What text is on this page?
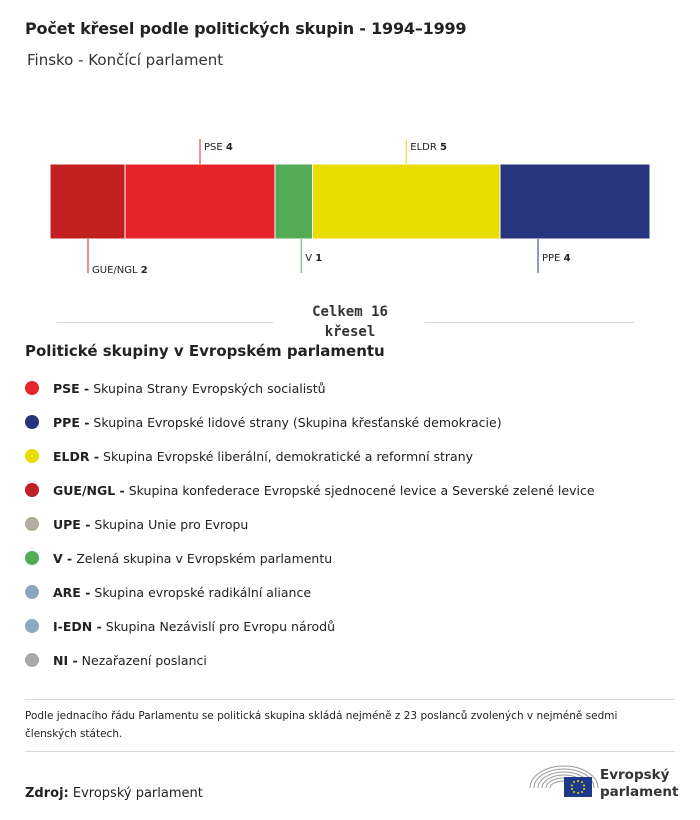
Počet křesel podle politických skupin - 1994–1999

Finsko - Končící parlament

GUE/NGL 2
PSE 4
V 1
ELDR 5
PPE 4
Celkem 16
křesel
Politické skupiny v Evropském parlamentu
PSE - Skupina Strany Evropských socialistů
PPE - Skupina Evropské lidové strany (Skupina křesťanské demokracie)
ELDR - Skupina Evropské liberální, demokratické a reformní strany
GUE/NGL - Skupina konfederace Evropské sjednocené levice a Severské zelené levice
UPE - Skupina Unie pro Evropu
V - Zelená skupina v Evropském parlamentu
ARE - Skupina evropské radikální aliance
I-EDN - Skupina Nezávislí pro Evropu národů
NI - Nezařazení poslanci

Podle jednacího řádu Parlamentu se politická skupina skládá nejméně z 23 poslanců zvolených v nejméně sedmi členských státech.

Zdroj: Evropský parlament

Evropský
parlament
